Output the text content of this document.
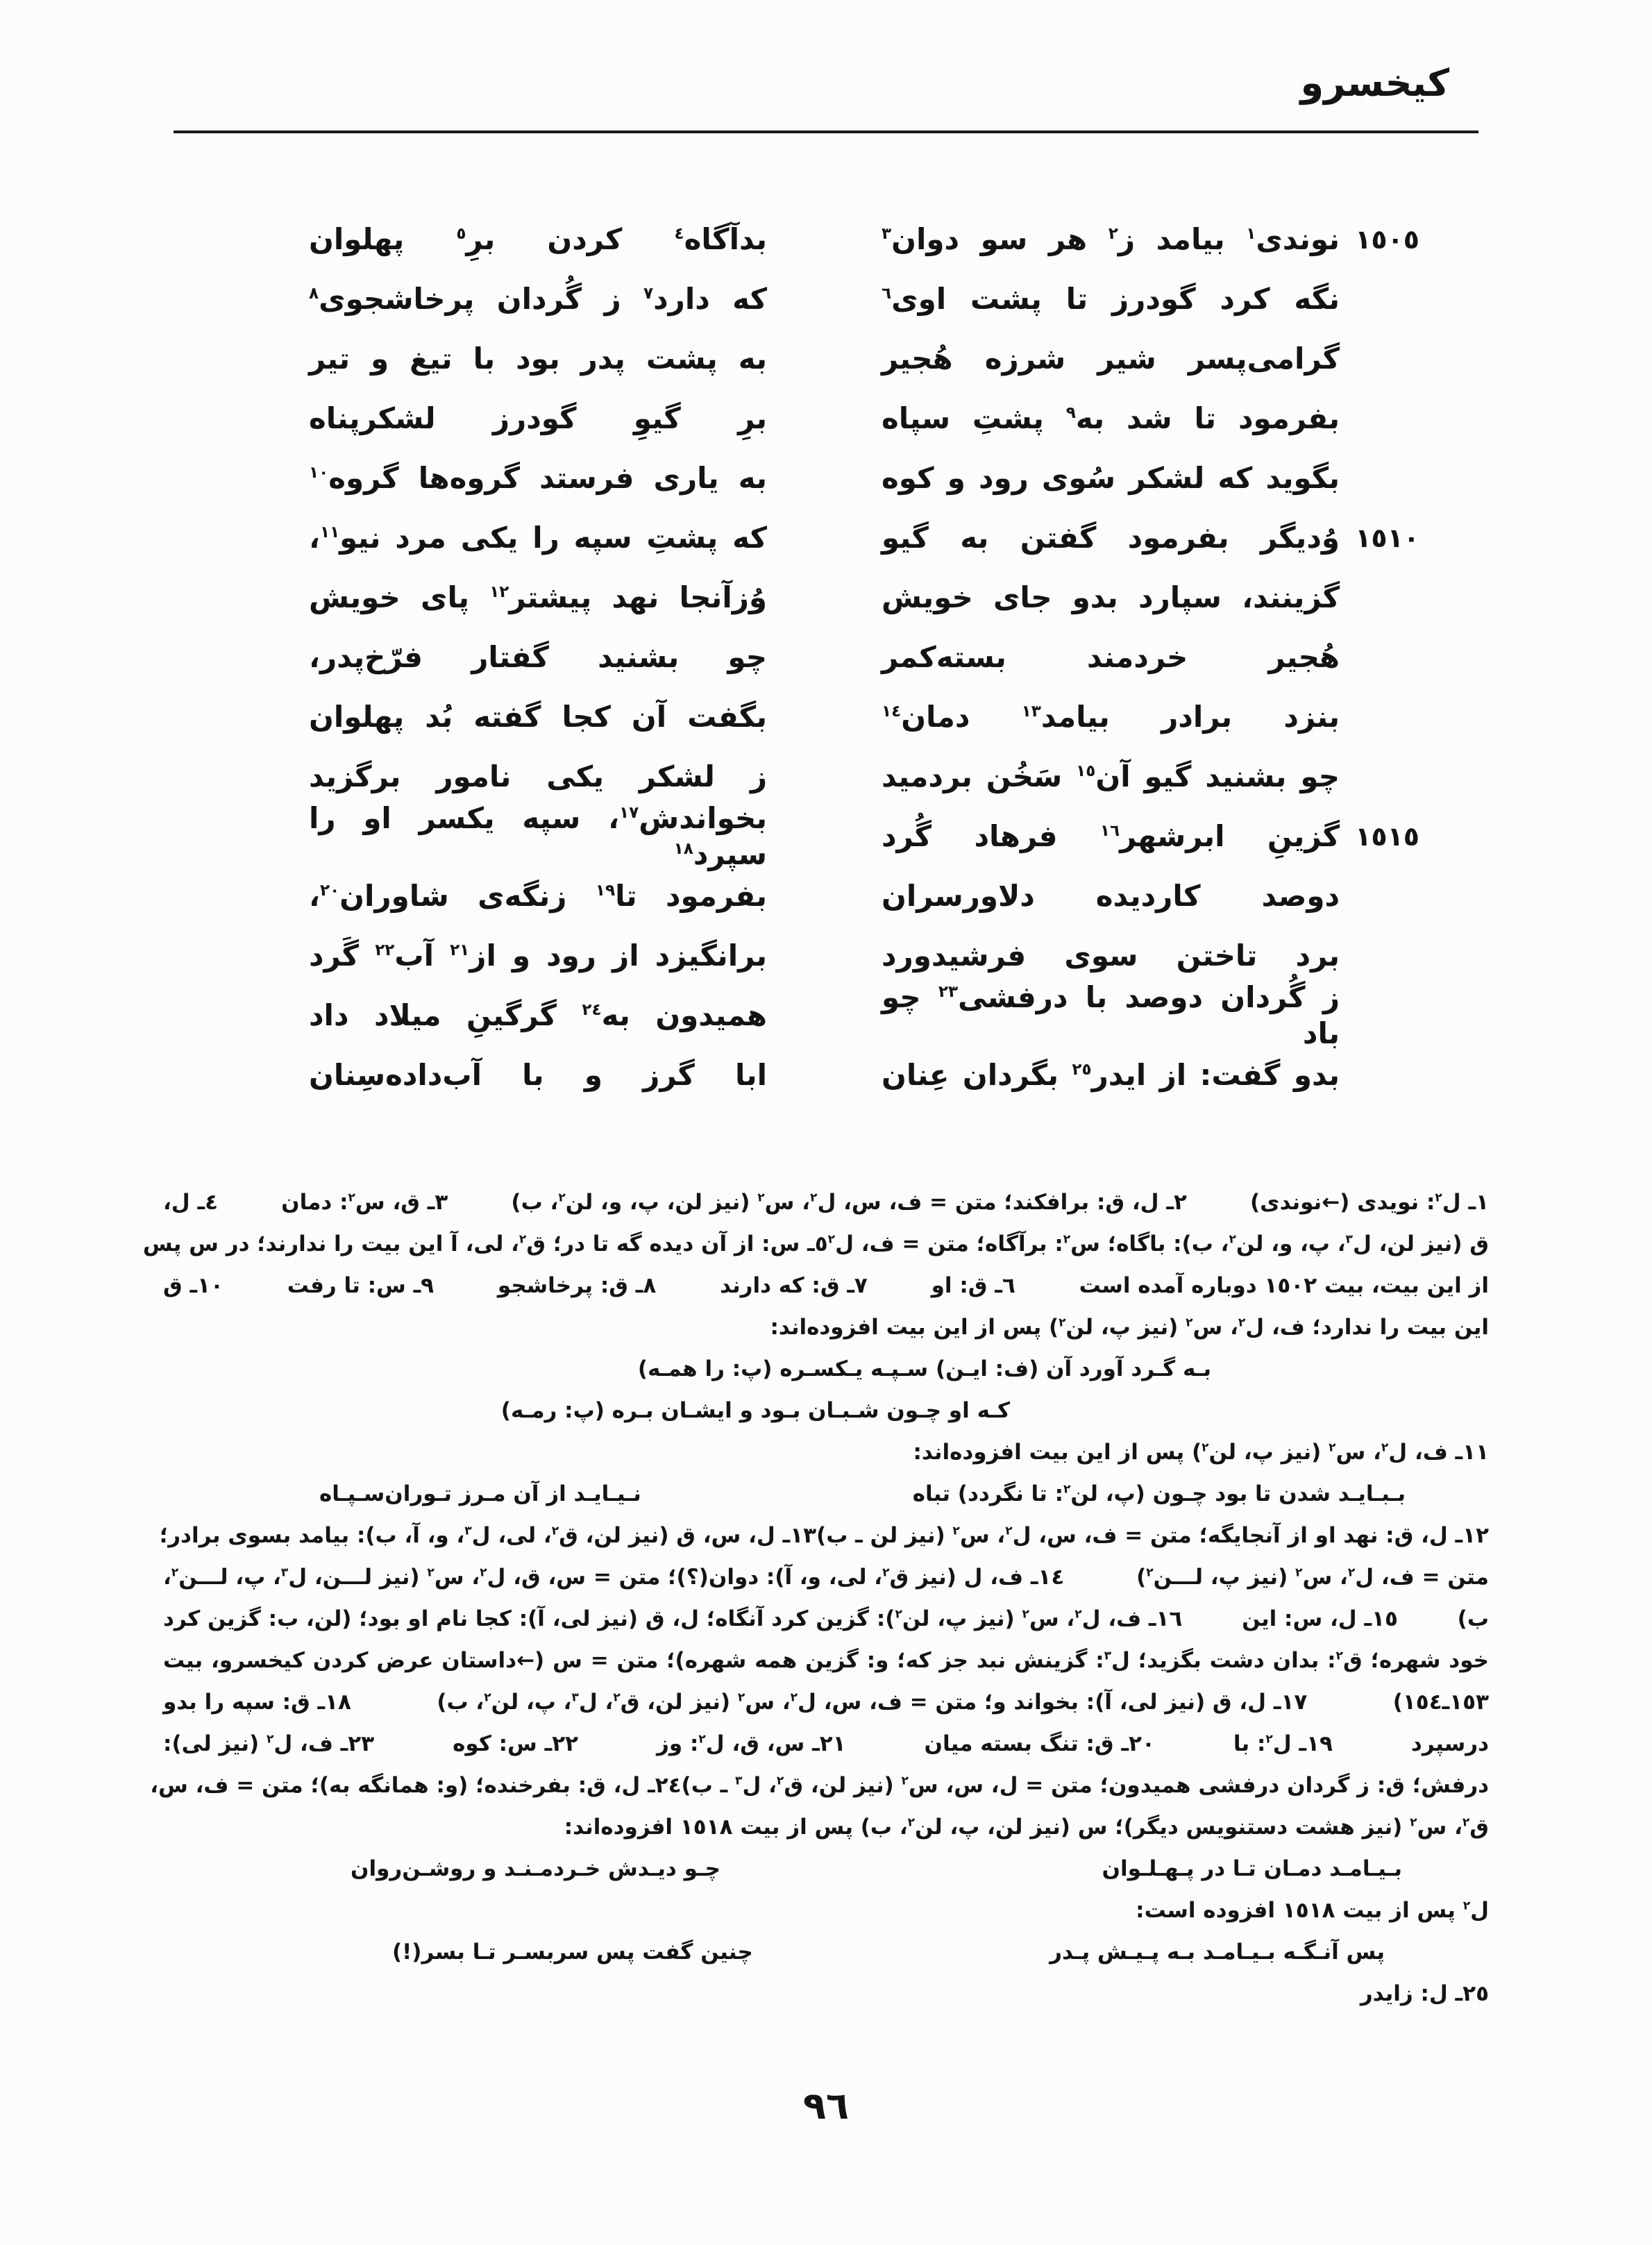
کیخسرو
١٥٠٥
نوندی$^١$ بیامد ز$^٢$ هر سو دوان$^٣$
بدآگاه$^٤$ کردن برِ$^٥$ پهلوان
نگه کرد گودرز تا پشت اوی$^٦$
که دارد$^٧$ ز گُردان پرخاشجوی$^٨$
گرامی‌پسر شیر شرزه هُجیر
به پشت پدر بود با تیغ و تیر
بفرمود تا شد به$^٩$ پشتِ سپاه
برِ گیوِ گودرز لشکرپناه
بگوید که لشکر سُوی رود و کوه
به یاری فرستد گروه‌ها گروه$^{١٠}$
١٥١٠
وُدیگر بفرمود گفتن به گیو
که پشتِ سپه را یکی مرد نیو$^{١١}$،
گزینند، سپارد بدو جای خویش
وُزآنجا نهد پیشتر$^{١٢}$ پای خویش
هُجیر خردمند بسته‌کمر
چو بشنید گفتار فرّخ‌پدر،
بنزد برادر بیامد$^{١٣}$ دمان$^{١٤}$
بگفت آن کجا گفته بُد پهلوان
چو بشنید گیو آن$^{١٥}$ سَخُن بردمید
ز لشکر یکی نامور برگزید
١٥١٥
گزینِ ابرشهر$^{١٦}$ فرهاد گُرد
بخواندش$^{١٧}$، سپه یکسر او را سپرد$^{١٨}$
دوصد کاردیده دلاورسران
بفرمود تا$^{١٩}$ زنگه‌ی شاوران$^{٢٠}$،
برد تاختن سوی فرشیدورد
برانگیزد از رود و از$^{٢١}$ آب$^{٢٢}$ گَرد
ز گُردان دوصد با درفشی$^{٢٣}$ چو باد
همیدون به$^{٢٤}$ گرگینِ میلاد داد
بدو گفت: از ایدر$^{٢٥}$ بگردان عِنان
ابا گرز و با آب‌داده‌سِنان
١ـ ل$^٢$: نویدی (←نوندی)
٢ـ ل، ق: برافکند؛ متن = ف، س، ل$^٢$، س$^٢$ (نیز لن، پ، و، لن$^٢$، ب)
٣ـ ق، س$^٢$: دمان
٤ـ ل،
ق (نیز لن، ل$^٣$، پ، و، لن$^٢$، ب): باگاه؛ س$^٢$: برآگاه؛ متن = ف، ل$^٢$
٥ـ س: از آن دیده گه تا در؛ ق$^٢$، لی، آ این بیت را ندارند؛ در س پس
از این بیت، بیت ١٥٠٢ دوباره آمده است
٦ـ ق: او
٧ـ ق: که دارند
٨ـ ق: پرخاشجو
٩ـ س: تا رفت
١٠ـ ق
این بیت را ندارد؛ ف، ل$^٢$، س$^٢$ (نیز پ، لن$^٢$) پس از این بیت افزوده‌اند:
بـه گـرد آورد آن (ف: ایـن) سـپـه یـکسـره (پ: را همـه)
کـه او چـون شـبـان بـود و ایشـان بـره (پ: رمـه)
١١ـ ف، ل$^٢$، س$^٢$ (نیز پ، لن$^٢$) پس از این بیت افزوده‌اند:
بـبـایـد شدن تا بود چـون (پ، لن$^٢$: تا نگردد) تباه
نـیـایـد از آن مـرز تـوران‌سـپـاه
١٢ـ ل، ق: نهد او از آنجایگه؛ متن = ف، س، ل$^٢$، س$^٢$ (نیز لن ـ ب)
١٣ـ ل، س، ق (نیز لن، ق$^٢$، لی، ل$^٣$، و، آ، ب): بیامد بسوی برادر؛
متن = ف، ل$^٢$، س$^٢$ (نیز پ، لـــن$^٢$)
١٤ـ ف، ل (نیز ق$^٢$، لی، و، آ): دوان(؟)؛ متن = س، ق، ل$^٢$، س$^٢$ (نیز لـــن، ل$^٣$، پ، لـــن$^٢$،
ب)
١٥ـ ل، س: این
١٦ـ ف، ل$^٢$، س$^٢$ (نیز پ، لن$^٢$): گزین کرد آنگاه؛ ل، ق (نیز لی، آ): کجا نام او بود؛ (لن، ب: گزین کرد
خود شهره؛ ق$^٢$: بدان دشت بگزید؛ ل$^٣$: گزینش نبد جز که؛ و: گزین همه شهره)؛ متن = س (←داستان عرض کردن کیخسرو، بیت
١٥٣ـ١٥٤)
١٧ـ ل، ق (نیز لی، آ): بخواند و؛ متن = ف، س، ل$^٢$، س$^٢$ (نیز لن، ق$^٢$، ل$^٣$، پ، لن$^٢$، ب)
١٨ـ ق: سپه را بدو
درسپرد
١٩ـ ل$^٢$: با
٢٠ـ ق: تنگ بسته میان
٢١ـ س، ق، ل$^٢$: وز
٢٢ـ س: کوه
٢٣ـ ف، ل$^٢$ (نیز لی):
درفش؛ ق: ز گردان درفشی همیدون؛ متن = ل، س، س$^٢$ (نیز لن، ق$^٢$، ل$^٣$ ـ ب)
٢٤ـ ل، ق: بفرخنده؛ (و: همانگه به)؛ متن = ف، س،
ق$^٢$، س$^٢$ (نیز هشت دستنویس دیگر)؛ س (نیز لن، پ، لن$^٢$، ب) پس از بیت ١٥١٨ افزوده‌اند:
بـیـامـد دمـان تـا در پـهـلـوان
چـو دیـدش خـردمـنـد و روشـن‌روان
ل$^٢$ پس از بیت ١٥١٨ افزوده است:
پس آنـگـه بـیـامـد بـه پـیـش پـدر
چنین گفت پس سربسـر تـا بسر(!)
٢٥ـ ل: زایدر
٩٦
